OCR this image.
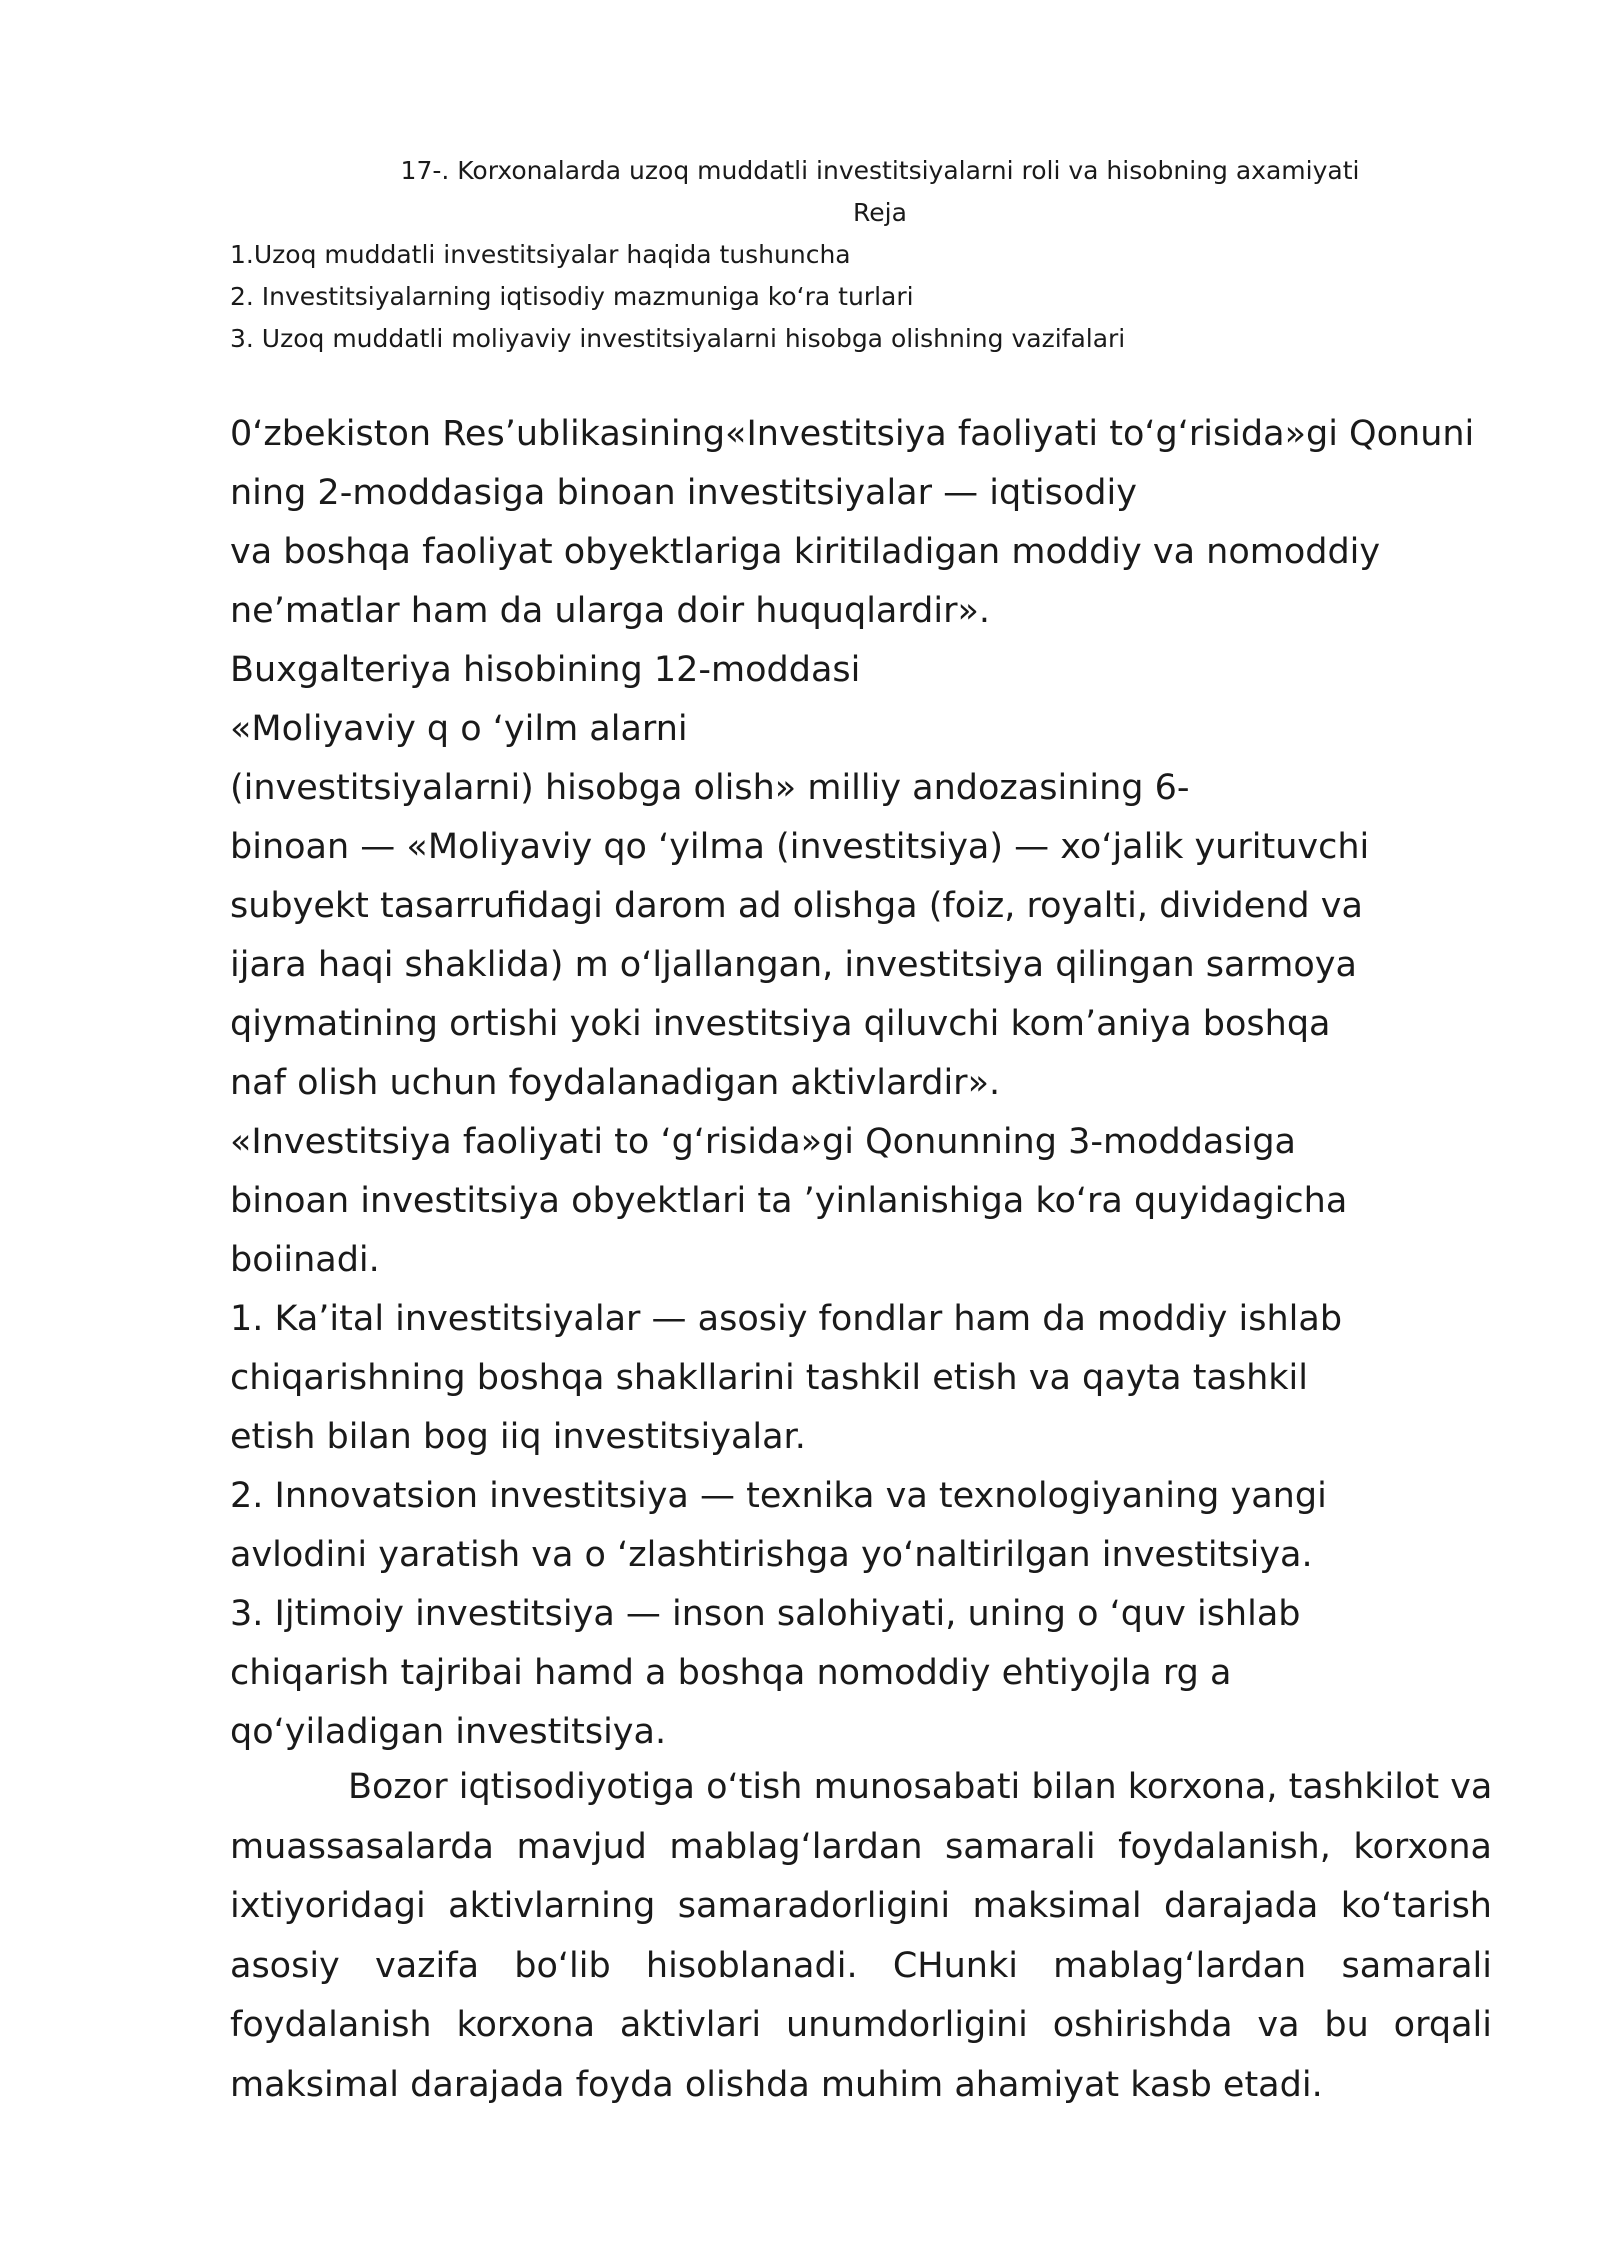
17-. Korxonalarda uzoq muddatli investitsiyalarni roli va hisobning axamiyati

Reja

1.Uzoq muddatli investitsiyalar haqida tushuncha

2. Investitsiyalarning iqtisodiy mazmuniga ko‘ra turlari

3. Uzoq muddatli moliyaviy investitsiyalarni hisobga olishning vazifalari

0‘zbekiston Res’ublikasining«Investitsiya faoliyati to‘g‘risida»gi Qonuni

ning 2-moddasiga binoan investitsiyalar — iqtisodiy

va boshqa faoliyat obyektlariga kiritiladigan moddiy va nomoddiy

ne’matlar ham da ularga doir huquqlardir».

Buxgalteriya hisobining 12-moddasi

«Moliyaviy q o ‘yilm alarni

(investitsiyalarni) hisobga olish» milliy andozasining 6-

binoan — «Moliyaviy qo ‘yilma (investitsiya) — xo‘jalik yurituvchi

subyekt tasarrufidagi darom ad olishga (foiz, royalti, dividend va

ijara haqi shaklida) m o‘ljallangan, investitsiya qilingan sarmoya

qiymatining ortishi yoki investitsiya qiluvchi kom’aniya boshqa

naf olish uchun foydalanadigan aktivlardir».

«Investitsiya faoliyati to ‘g‘risida»gi Qonunning 3-moddasiga

binoan investitsiya obyektlari ta ’yinlanishiga ko‘ra quyidagicha

boiinadi.

1. Ka’ital investitsiyalar — asosiy fondlar ham da moddiy ishlab

chiqarishning boshqa shakllarini tashkil etish va qayta tashkil

etish bilan bog iiq investitsiyalar.

2. Innovatsion investitsiya — texnika va texnologiyaning yangi

avlodini yaratish va o ‘zlashtirishga yo‘naltirilgan investitsiya.

3. Ijtimoiy investitsiya — inson salohiyati, uning o ‘quv ishlab

chiqarish tajribai hamd a boshqa nomoddiy ehtiyojla rg a

qo‘yiladigan investitsiya.

Bozor iqtisodiyotiga o‘tish munosabati bilan korxona, tashkilot va

muassasalarda mavjud mablag‘lardan samarali foydalanish, korxona

ixtiyoridagi aktivlarning samaradorligini maksimal darajada ko‘tarish

asosiy vazifa bo‘lib hisoblanadi. CHunki mablag‘lardan samarali

foydalanish korxona aktivlari unumdorligini oshirishda va bu orqali

maksimal darajada foyda olishda muhim ahamiyat kasb etadi.
